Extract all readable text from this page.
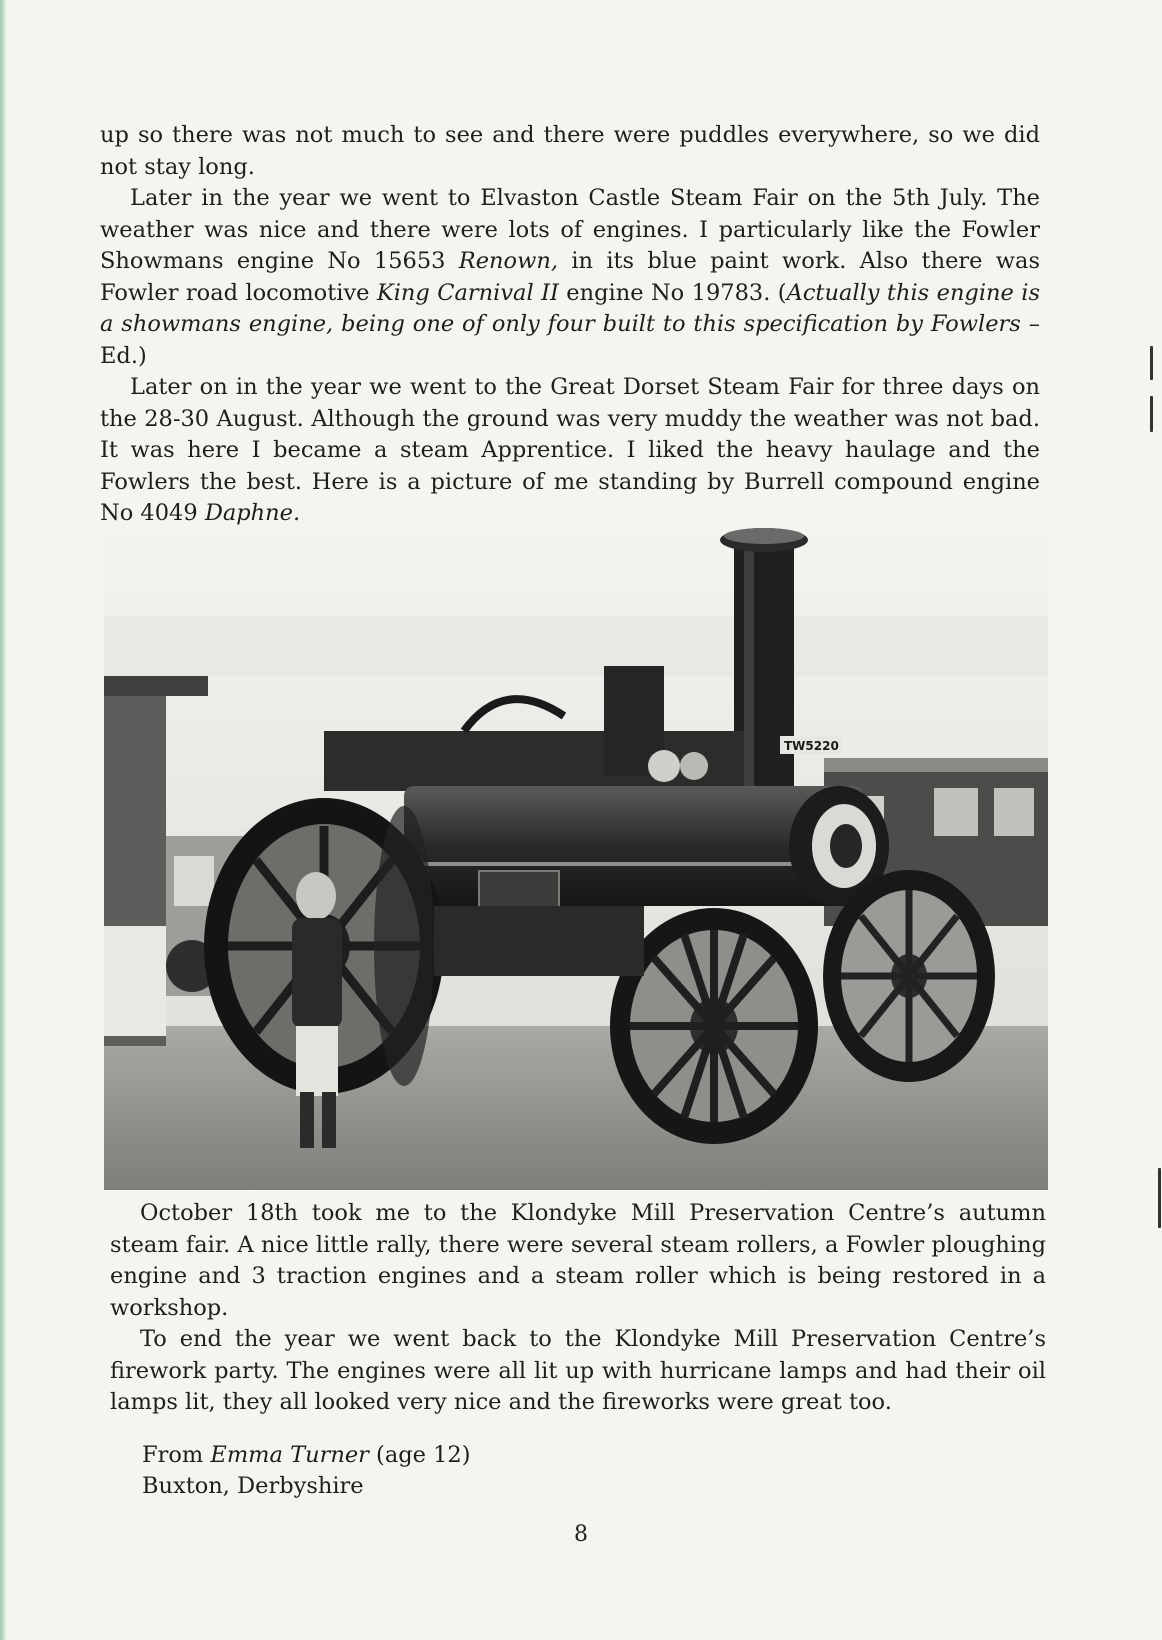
up so there was not much to see and there were puddles everywhere, so we did not stay long.

Later in the year we went to Elvaston Castle Steam Fair on the 5th July. The weather was nice and there were lots of engines. I particularly like the Fowler Showmans engine No 15653 Renown, in its blue paint work. Also there was Fowler road locomotive King Carnival II engine No 19783. (Actually this engine is a showmans engine, being one of only four built to this specification by Fowlers – Ed.)

Later on in the year we went to the Great Dorset Steam Fair for three days on the 28-30 August. Although the ground was very muddy the weather was not bad. It was here I became a steam Apprentice. I liked the heavy haulage and the Fowlers the best. Here is a picture of me standing by Burrell compound engine No 4049 Daphne.

TW5220

October 18th took me to the Klondyke Mill Preservation Centre’s autumn steam fair. A nice little rally, there were several steam rollers, a Fowler ploughing engine and 3 traction engines and a steam roller which is being restored in a workshop.

To end the year we went back to the Klondyke Mill Preservation Centre’s firework party. The engines were all lit up with hurricane lamps and had their oil lamps lit, they all looked very nice and the fireworks were great too.

From Emma Turner (age 12)
Buxton, Derbyshire
8
